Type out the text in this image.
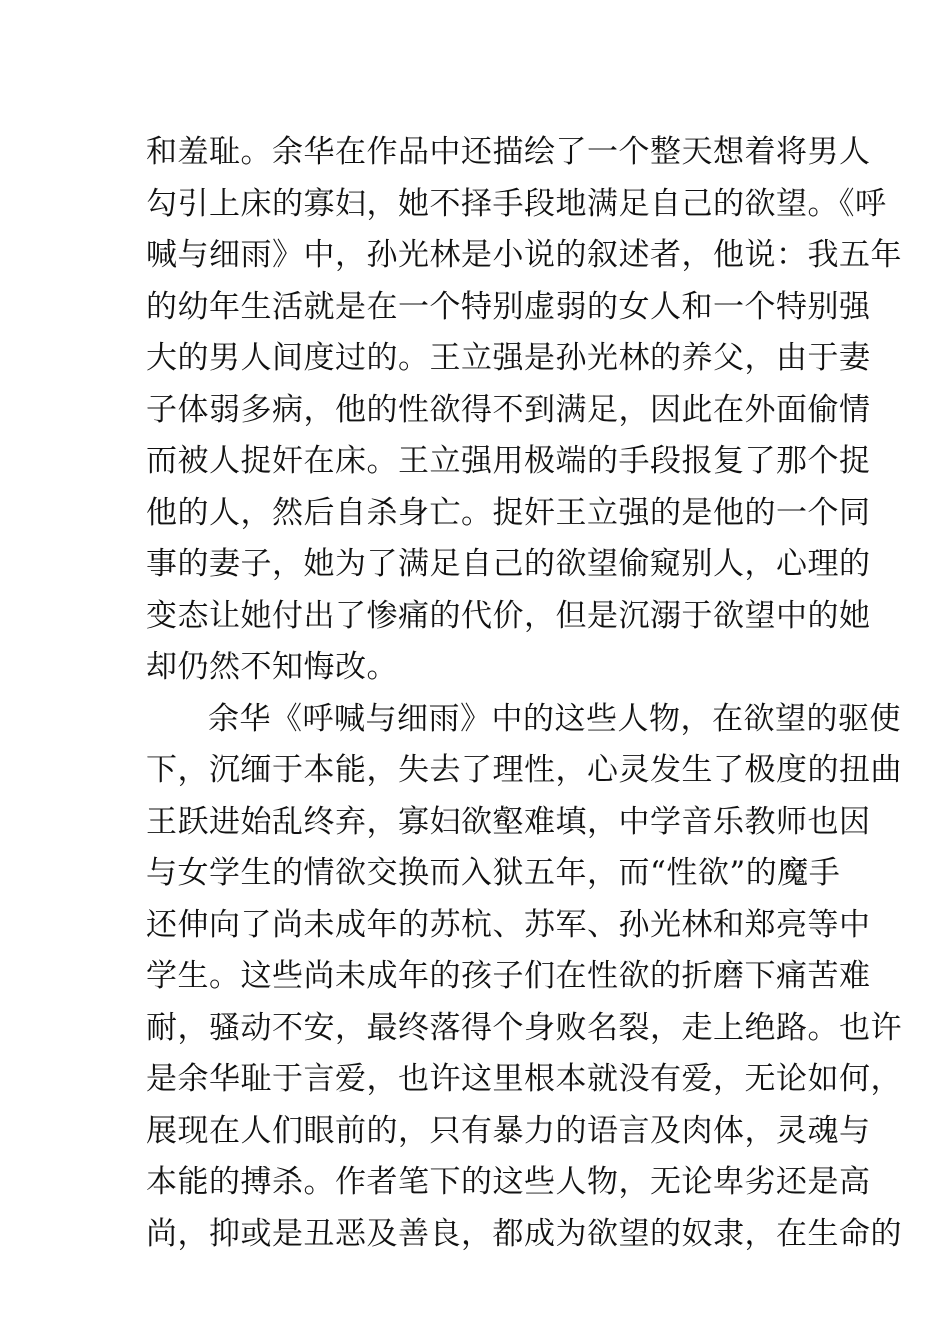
和羞耻。余华在作品中还描绘了一个整天想着将男人
勾引上床的寡妇，她不择手段地满足自己的欲望。《呼
喊与细雨》中，孙光林是小说的叙述者，他说：我五年
的幼年生活就是在一个特别虚弱的女人和一个特别强
大的男人间度过的。王立强是孙光林的养父，由于妻
子体弱多病，他的性欲得不到满足，因此在外面偷情
而被人捉奸在床。王立强用极端的手段报复了那个捉
他的人，然后自杀身亡。捉奸王立强的是他的一个同
事的妻子，她为了满足自己的欲望偷窥别人，心理的
变态让她付出了惨痛的代价，但是沉溺于欲望中的她
却仍然不知悔改。
余华《呼喊与细雨》中的这些人物，在欲望的驱使
下，沉缅于本能，失去了理性，心灵发生了极度的扭曲
王跃进始乱终弃，寡妇欲壑难填，中学音乐教师也因
与女学生的情欲交换而入狱五年，而“性欲”的魔手
还伸向了尚未成年的苏杭、苏军、孙光林和郑亮等中
学生。这些尚未成年的孩子们在性欲的折磨下痛苦难
耐，骚动不安，最终落得个身败名裂，走上绝路。也许
是余华耻于言爱，也许这里根本就没有爱，无论如何，
展现在人们眼前的，只有暴力的语言及肉体，灵魂与
本能的搏杀。作者笔下的这些人物，无论卑劣还是高
尚，抑或是丑恶及善良，都成为欲望的奴隶，在生命的
